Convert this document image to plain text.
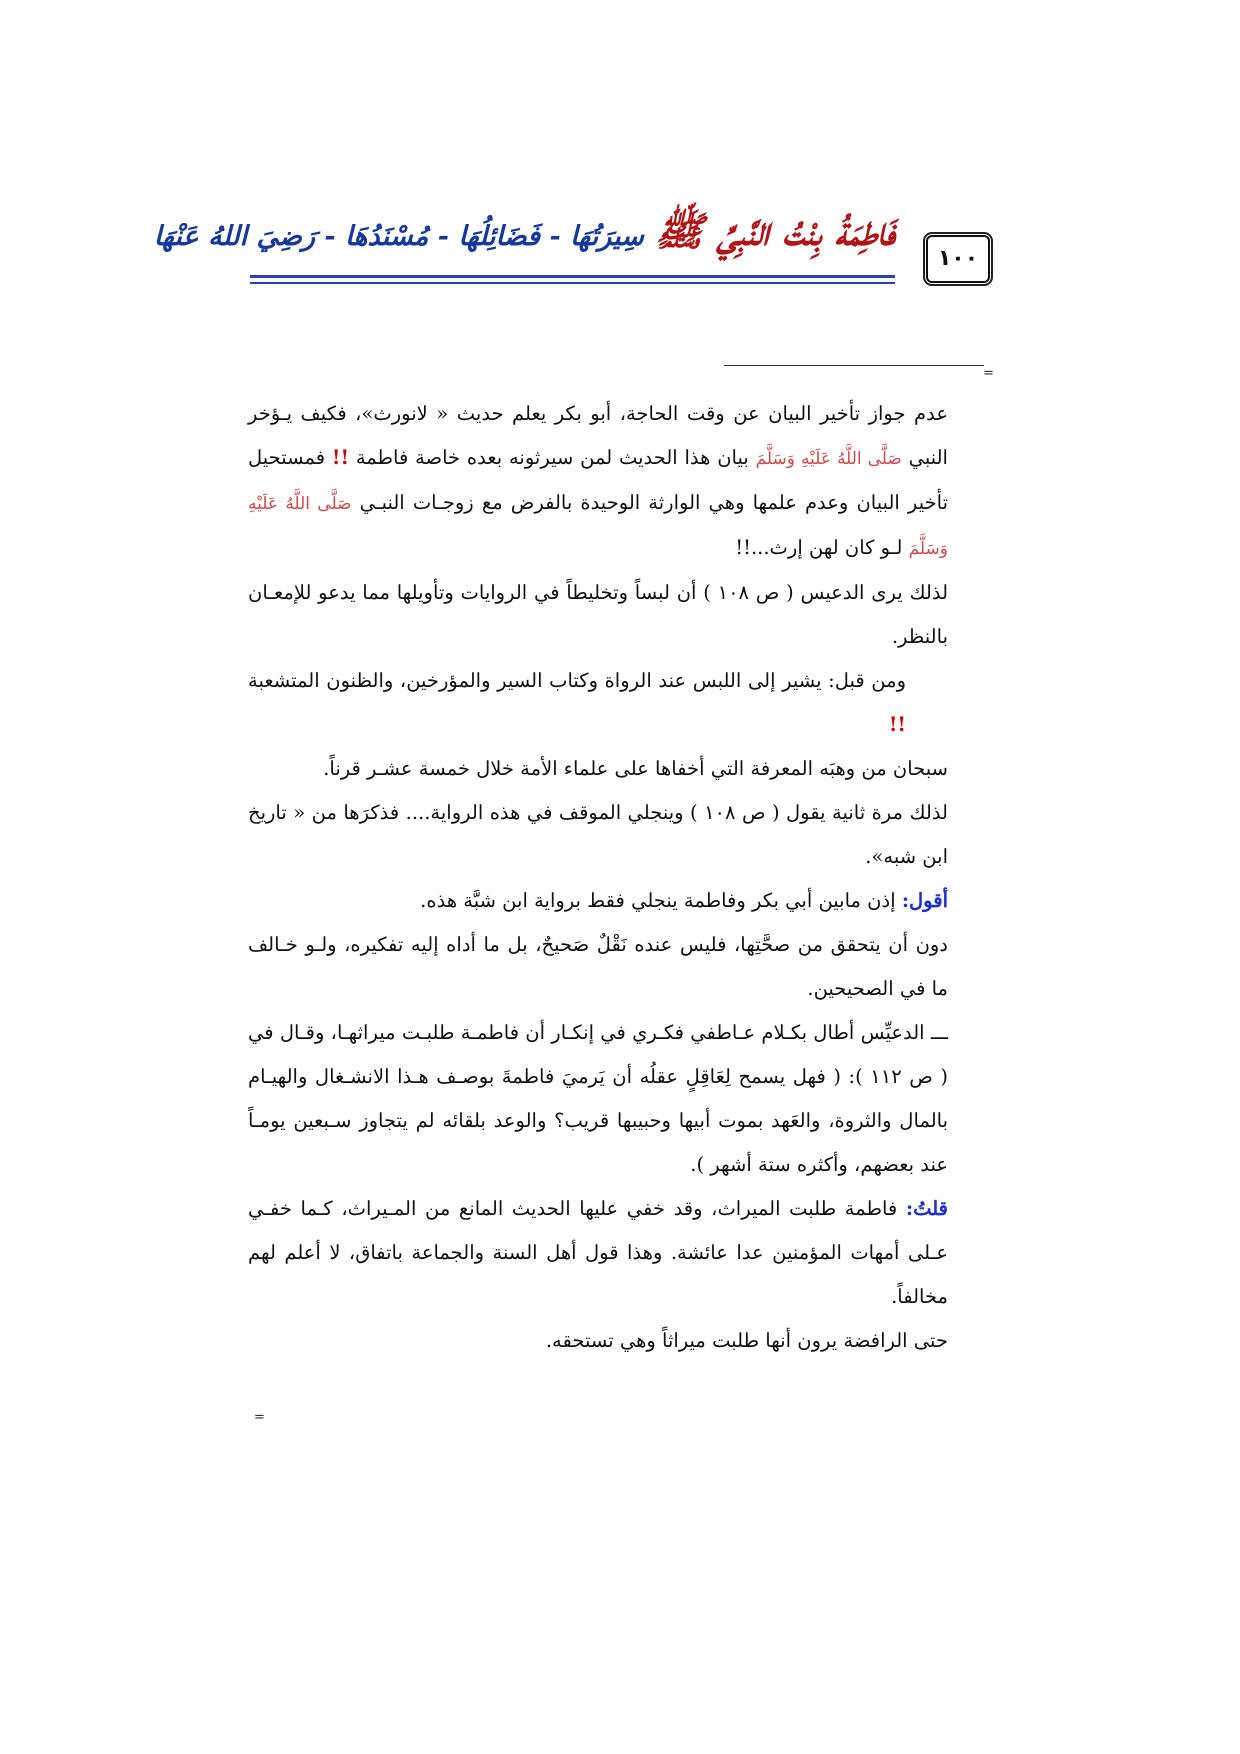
١٠٠
فَاطِمَةُ بِنْتُ النَّبِيِّ ﷺ سِيرَتُهَا - فَضَائِلُهَا - مُسْنَدُهَا - رَضِيَ اللهُ عَنْهَا
=

عدم جواز تأخير البيان عن وقت الحاجة، أبو بكر يعلم حديث « لانورث»، فكيف يـؤخر النبي صَلَّى اللَّهُ عَلَيْهِ وَسَلَّمَ بيان هذا الحديث لمن سيرثونه بعده خاصة فاطمة !! فمستحيل تأخير البيان وعدم علمها وهي الوارثة الوحيدة بالفرض مع زوجـات النبـي صَلَّى اللَّهُ عَلَيْهِ وَسَلَّمَ لـو كان لهن إرث...!!

لذلك يرى الدعيس ( ص ١٠٨ ) أن لبساً وتخليطاً في الروايات وتأويلها مما يدعو للإمعـان بالنظر.

ومن قبل: يشير إلى اللبس عند الرواة وكتاب السير والمؤرخين، والظنون المتشعبة !!

سبحان من وهبَه المعرفة التي أخفاها على علماء الأمة خلال خمسة عشـر قرناً.

لذلك مرة ثانية يقول ( ص ١٠٨ ) وينجلي الموقف في هذه الرواية.... فذكرَها من « تاريخ ابن شبه».

أقول: إذن مابين أبي بكر وفاطمة ينجلي فقط برواية ابن شبَّة هذه.

دون أن يتحقق من صحَّتِها، فليس عنده نَقْلٌ صَحيحٌ، بل ما أداه إليه تفكيره، ولـو خـالف ما في الصحيحين.

ـــ الدعيِّس أطال بكـلام عـاطفي فكـري في إنكـار أن فاطمـة طلبـت ميراثهـا، وقـال في ( ص ١١٢ ): ( فهل يسمح لِعَاقِلٍ عقلُه أن يَرميَ فاطمةَ بوصـف هـذا الانشـغال والهيـام بالمال والثروة، والعَهد بموت أبيها وحبيبها قريب؟ والوعد بلقائه لم يتجاوز سـبعين يومـاً عند بعضهم، وأكثره ستة أشهر ).

قلتُ: فاطمة طلبت الميراث، وقد خفي عليها الحديث المانع من المـيراث، كـما خفـي عـلى أمهات المؤمنين عدا عائشة. وهذا قول أهل السنة والجماعة باتفاق، لا أعلم لهم مخالفاً.

حتى الرافضة يرون أنها طلبت ميراثاً وهي تستحقه.

=
